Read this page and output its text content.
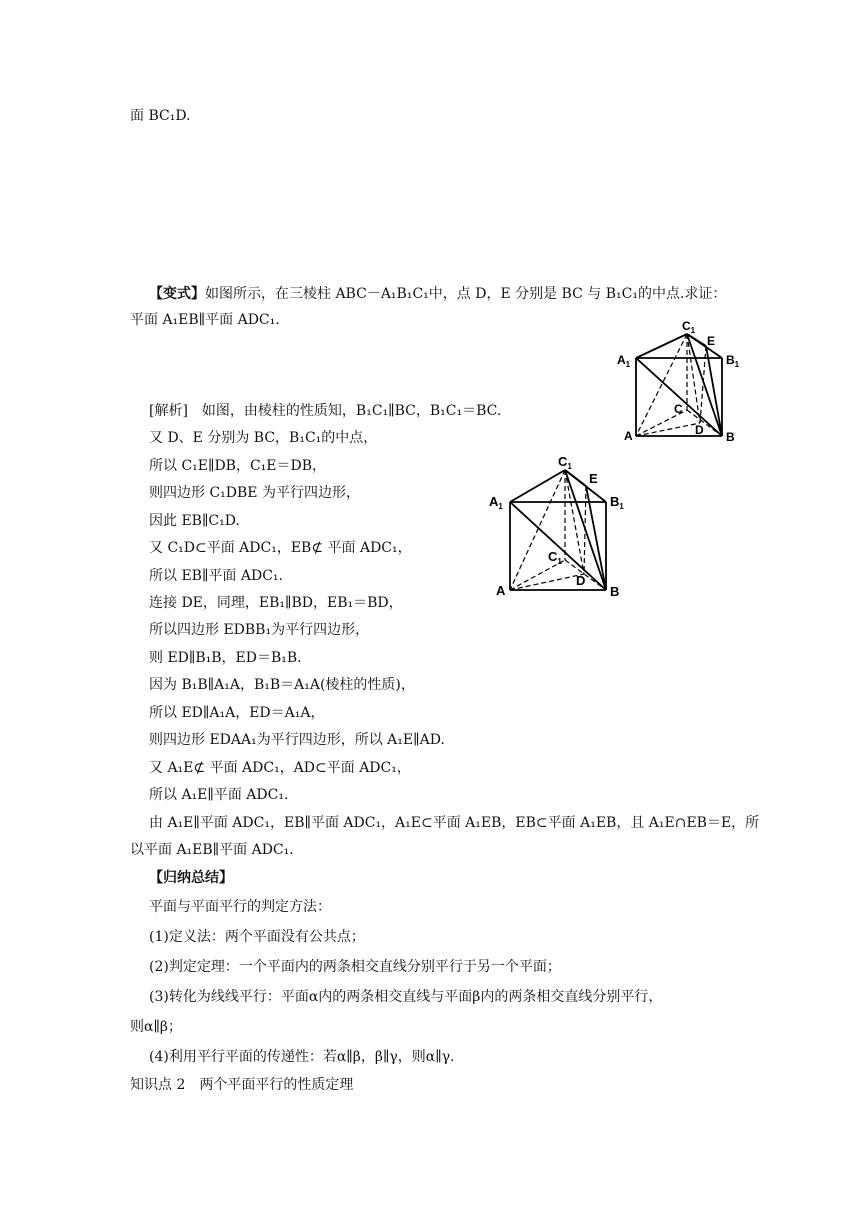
面 BC₁D.
【变式】如图所示，在三棱柱 ABC－A₁B₁C₁中，点 D，E 分别是 BC 与 B₁C₁的中点.求证：
平面 A₁EB∥平面 ADC₁.
$A_1$	$B_1$
$C_1$
E
A	B
C
D
[解析]　如图，由棱柱的性质知，B₁C₁∥BC，B₁C₁＝BC.
又 D、E 分别为 BC，B₁C₁的中点，
所以 C₁E∥DB，C₁E＝DB，
则四边形 C₁DBE 为平行四边形，
因此 EB∥C₁D.
又 C₁D⊂平面 ADC₁，EB⊄ 平面 ADC₁，
所以 EB∥平面 ADC₁.
连接 DE，同理，EB₁∥BD，EB₁＝BD，
所以四边形 EDBB₁为平行四边形，
则 ED∥B₁B，ED＝B₁B.
因为 B₁B∥A₁A，B₁B＝A₁A(棱柱的性质)，
所以 ED∥A₁A，ED＝A₁A，
则四边形 EDAA₁为平行四边形，所以 A₁E∥AD.
又 A₁E⊄ 平面 ADC₁，AD⊂平面 ADC₁，
所以 A₁E∥平面 ADC₁.
$A_1$	$B_1$
$C_1$
E
A	B
$C_1$
D
由 A₁E∥平面 ADC₁，EB∥平面 ADC₁，A₁E⊂平面 A₁EB，EB⊂平面 A₁EB，且 A₁E∩EB＝E，所
以平面 A₁EB∥平面 ADC₁.
【归纳总结】
平面与平面平行的判定方法：
(1)定义法：两个平面没有公共点；
(2)判定定理：一个平面内的两条相交直线分别平行于另一个平面；
(3)转化为线线平行：平面α内的两条相交直线与平面β内的两条相交直线分别平行，
则α∥β；
(4)利用平行平面的传递性：若α∥β，β∥γ，则α∥γ.
知识点 2　两个平面平行的性质定理
